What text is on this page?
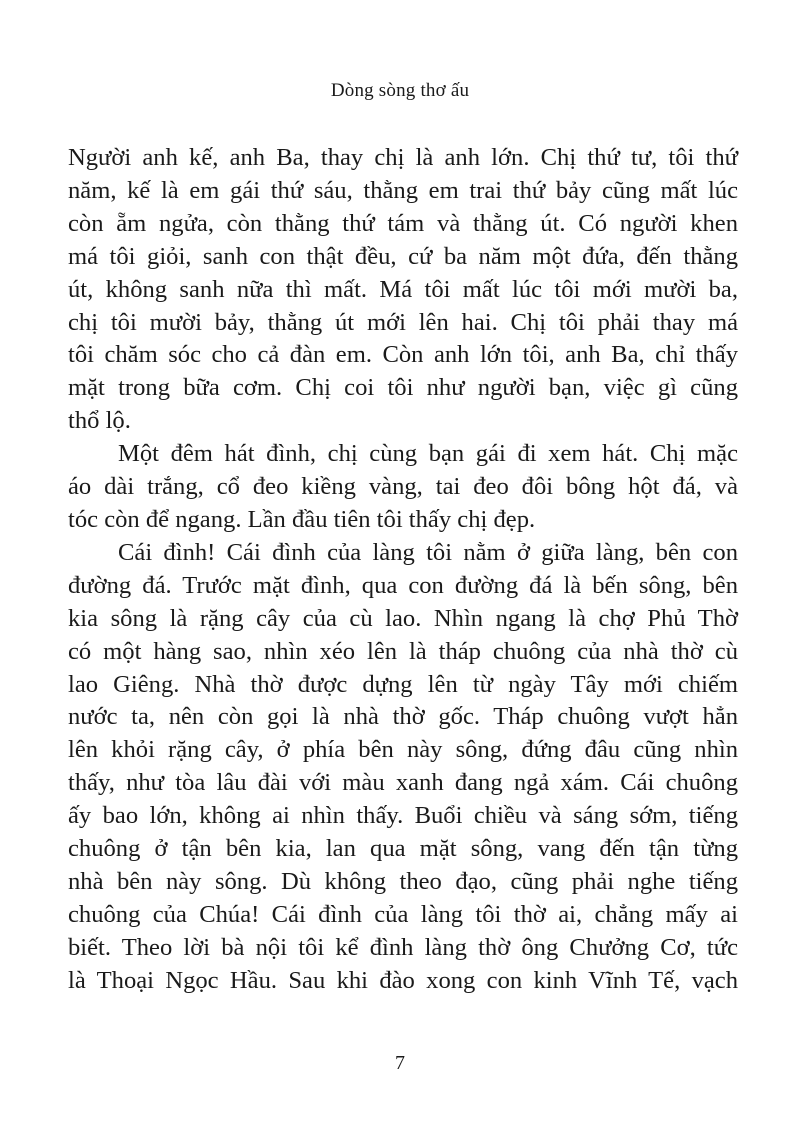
Dòng sòng thơ ấu
Người anh kế, anh Ba, thay chị là anh lớn. Chị thứ tư, tôi thứ
năm, kế là em gái thứ sáu, thằng em trai thứ bảy cũng mất lúc
còn ẵm ngửa, còn thằng thứ tám và thằng út. Có người khen
má tôi giỏi, sanh con thật đều, cứ ba năm một đứa, đến thằng
út, không sanh nữa thì mất. Má tôi mất lúc tôi mới mười ba,
chị tôi mười bảy, thằng út mới lên hai. Chị tôi phải thay má
tôi chăm sóc cho cả đàn em. Còn anh lớn tôi, anh Ba, chỉ thấy
mặt trong bữa cơm. Chị coi tôi như người bạn, việc gì cũng
thổ lộ.
Một đêm hát đình, chị cùng bạn gái đi xem hát. Chị mặc
áo dài trắng, cổ đeo kiềng vàng, tai đeo đôi bông hột đá, và
tóc còn để ngang. Lần đầu tiên tôi thấy chị đẹp.
Cái đình! Cái đình của làng tôi nằm ở giữa làng, bên con
đường đá. Trước mặt đình, qua con đường đá là bến sông, bên
kia sông là rặng cây của cù lao. Nhìn ngang là chợ Phủ Thờ
có một hàng sao, nhìn xéo lên là tháp chuông của nhà thờ cù
lao Giêng. Nhà thờ được dựng lên từ ngày Tây mới chiếm
nước ta, nên còn gọi là nhà thờ gốc. Tháp chuông vượt hẳn
lên khỏi rặng cây, ở phía bên này sông, đứng đâu cũng nhìn
thấy, như tòa lâu đài với màu xanh đang ngả xám. Cái chuông
ấy bao lớn, không ai nhìn thấy. Buổi chiều và sáng sớm, tiếng
chuông ở tận bên kia, lan qua mặt sông, vang đến tận từng
nhà bên này sông. Dù không theo đạo, cũng phải nghe tiếng
chuông của Chúa! Cái đình của làng tôi thờ ai, chẳng mấy ai
biết. Theo lời bà nội tôi kể đình làng thờ ông Chưởng Cơ, tức
là Thoại Ngọc Hầu. Sau khi đào xong con kinh Vĩnh Tế, vạch
7
